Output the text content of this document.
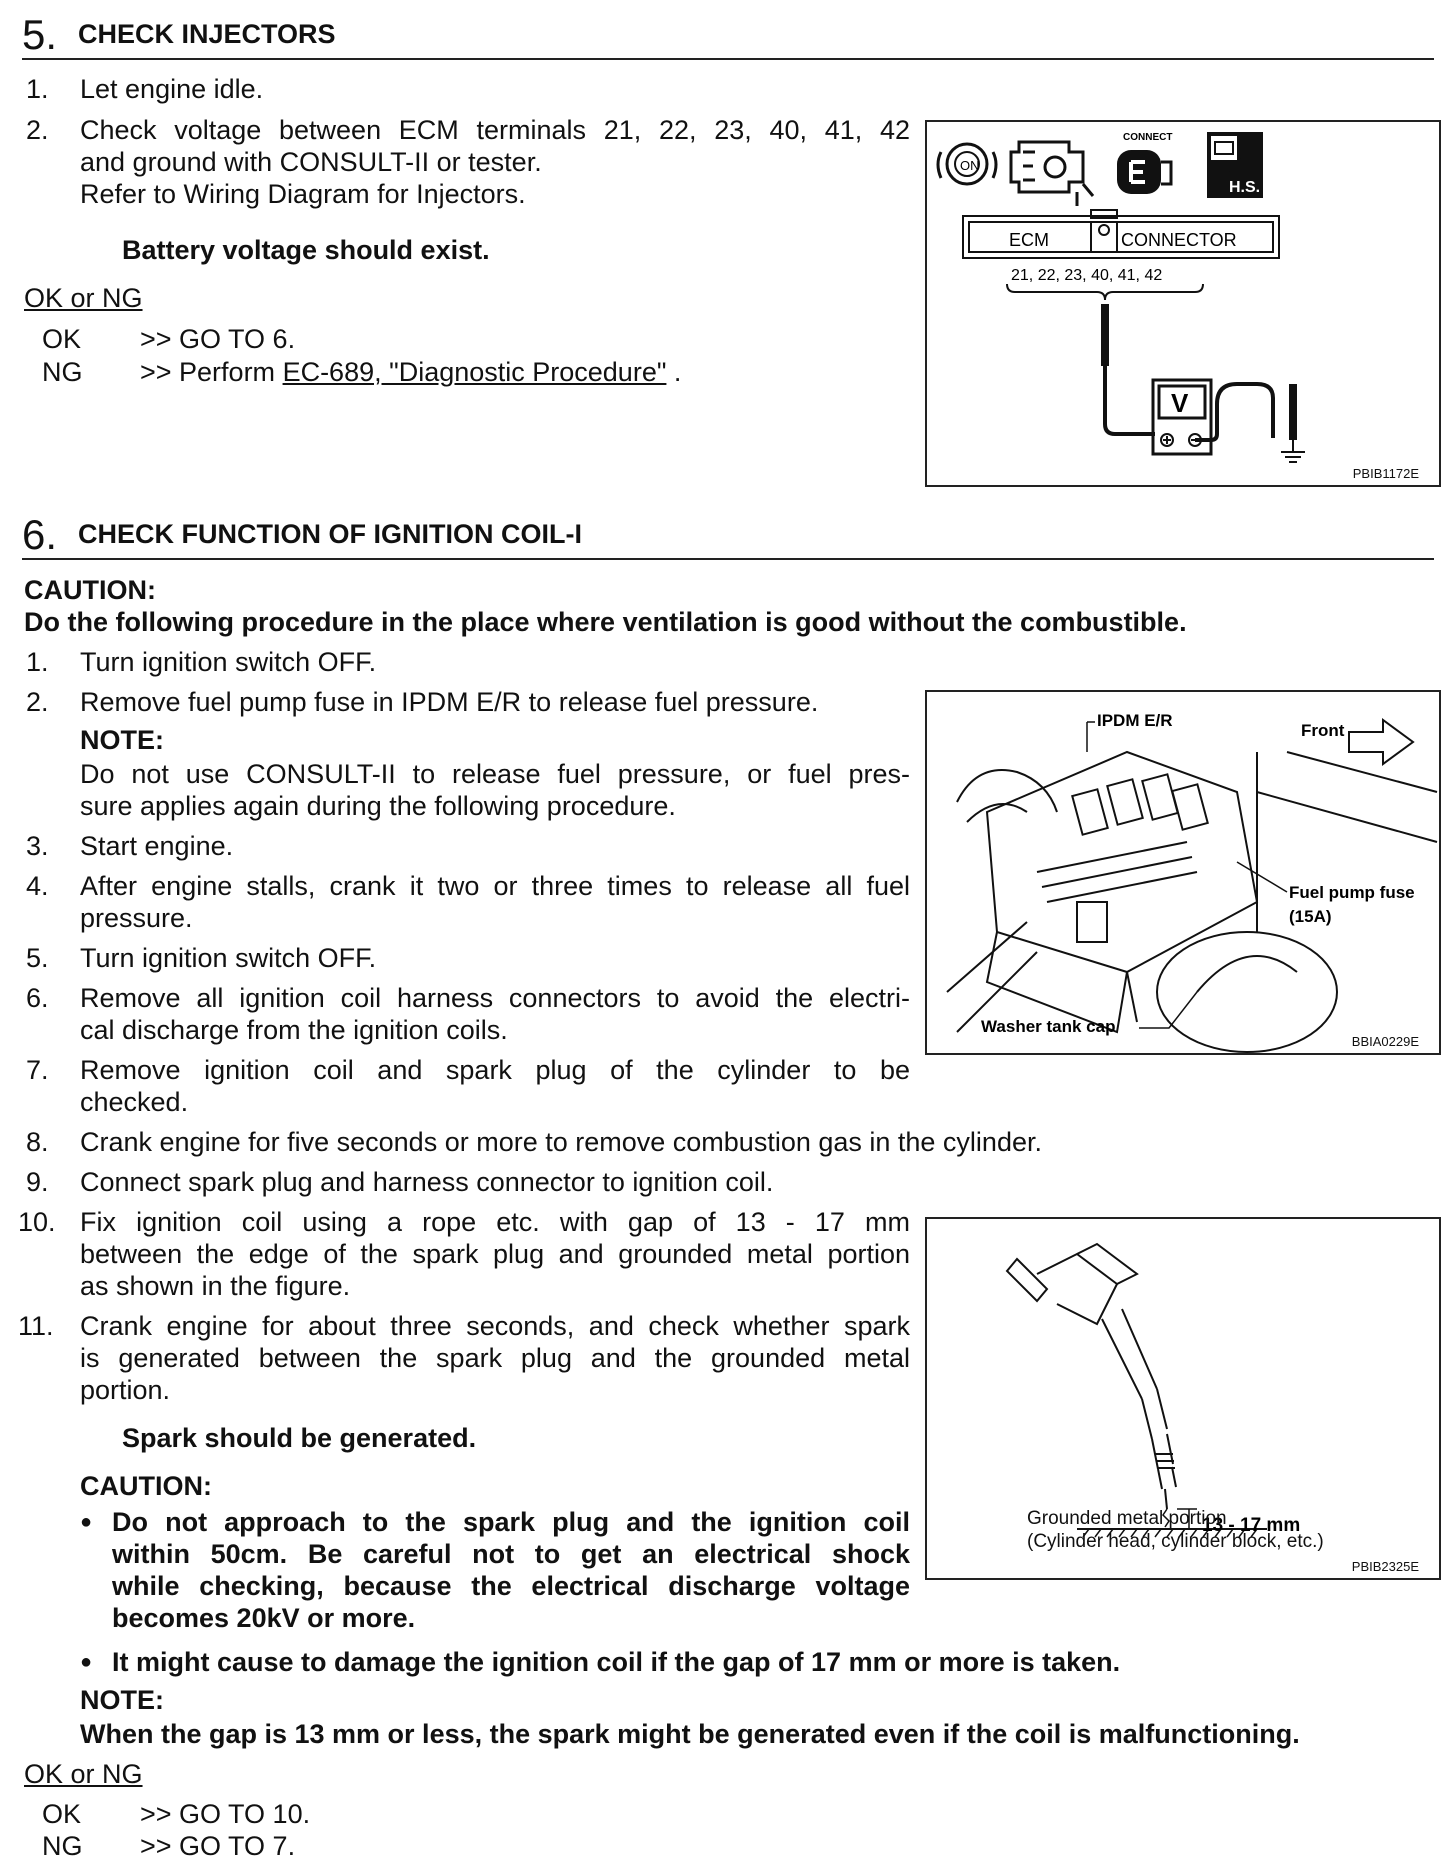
5. CHECK INJECTORS
1.	Let engine idle.
2.	Check voltage between ECM terminals 21, 22, 23, 40, 41, 42
and ground with CONSULT-II or tester.
Refer to Wiring Diagram for Injectors.
Battery voltage should exist.
OK or NG
OK >> GO TO 6.
NG >> Perform EC-689, "Diagnostic Procedure" .
ON
CONNECT
H.S.
ECM	CONNECTOR
21, 22, 23, 40, 41, 42
V
PBIB1172E
6. CHECK FUNCTION OF IGNITION COIL-I
CAUTION:
Do the following procedure in the place where ventilation is good without the combustible.
1.	Turn ignition switch OFF.
2.	Remove fuel pump fuse in IPDM E/R to release fuel pressure.
NOTE:
Do not use CONSULT-II to release fuel pressure, or fuel pres-
sure applies again during the following procedure.
3.	Start engine.
4.	After engine stalls, crank it two or three times to release all fuel
pressure.
5.	Turn ignition switch OFF.
6.	Remove all ignition coil harness connectors to avoid the electri-
cal discharge from the ignition coils.
7.	Remove ignition coil and spark plug of the cylinder to be
checked.
8.	Crank engine for five seconds or more to remove combustion gas in the cylinder.
9.	Connect spark plug and harness connector to ignition coil.
10. Fix ignition coil using a rope etc. with gap of 13 - 17 mm
between the edge of the spark plug and grounded metal portion
as shown in the figure.
11. Crank engine for about three seconds, and check whether spark
is generated between the spark plug and the grounded metal
portion.
Spark should be generated.
CAUTION:
● Do not approach to the spark plug and the ignition coil
within 50cm. Be careful not to get an electrical shock
while checking, because the electrical discharge voltage
becomes 20kV or more.
● It might cause to damage the ignition coil if the gap of 17 mm or more is taken.
NOTE:
When the gap is 13 mm or less, the spark might be generated even if the coil is malfunctioning.
OK or NG
OK >> GO TO 10.
NG >> GO TO 7.
IPDM E/R
Front
Fuel pump fuse
(15A)
Washer tank cap
BBIA0229E
13 - 17 mm
Grounded metal portion
(Cylinder head, cylinder block, etc.)
PBIB2325E
